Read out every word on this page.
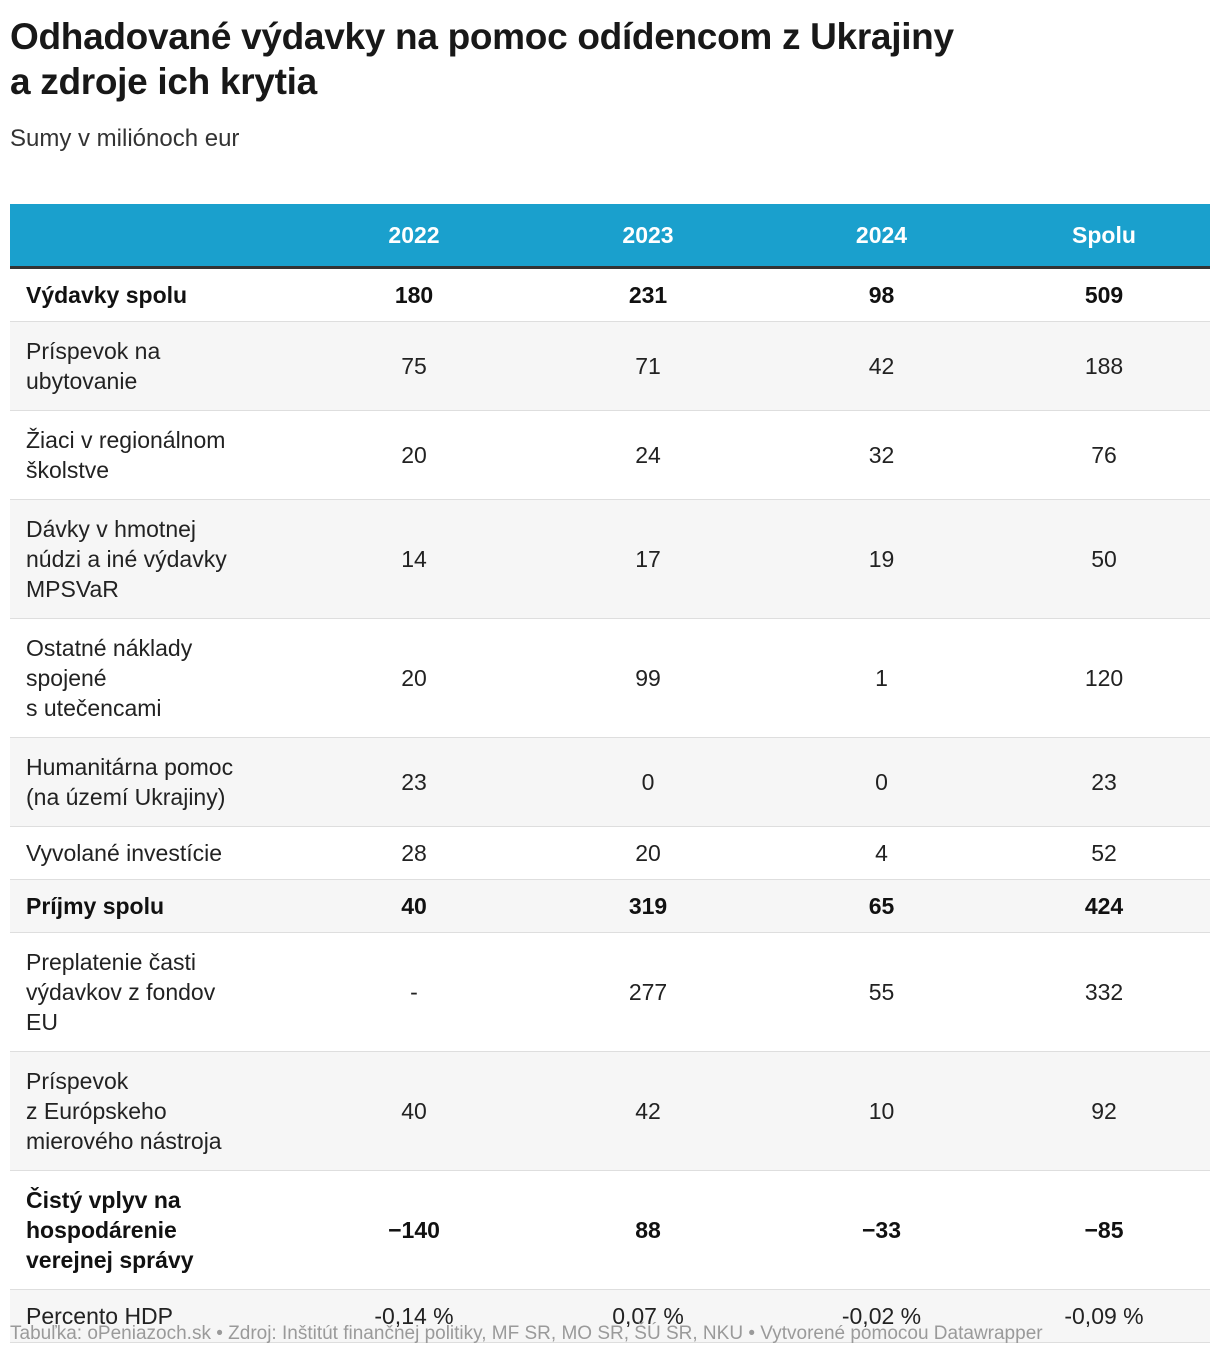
Odhadované výdavky na pomoc odídencom z Ukrajiny
a zdroje ich krytia
Sumy v miliónoch eur
	2022	2023	2024	Spolu
Výdavky spolu	180	231	98	509
Príspevok na
ubytovanie	75	71	42	188
Žiaci v regionálnom
školstve	20	24	32	76
Dávky v hmotnej
núdzi a iné výdavky
MPSVaR	14	17	19	50
Ostatné náklady
spojené
s utečencami	20	99	1	120
Humanitárna pomoc
(na území Ukrajiny)	23	0	0	23
Vyvolané investície	28	20	4	52
Príjmy spolu	40	319	65	424
Preplatenie časti
výdavkov z fondov
EU	-	277	55	332
Príspevok
z Európskeho
mierového nástroja	40	42	10	92
Čistý vplyv na
hospodárenie
verejnej správy	−140	88	−33	−85
Percento HDP	-0,14 %	0,07 %	-0,02 %	-0,09 %
Tabuľka: oPeniazoch.sk • Zdroj: Inštitút finančnej politiky, MF SR, MO SR, ŠÚ SR, NKU • Vytvorené pomocou Datawrapper
